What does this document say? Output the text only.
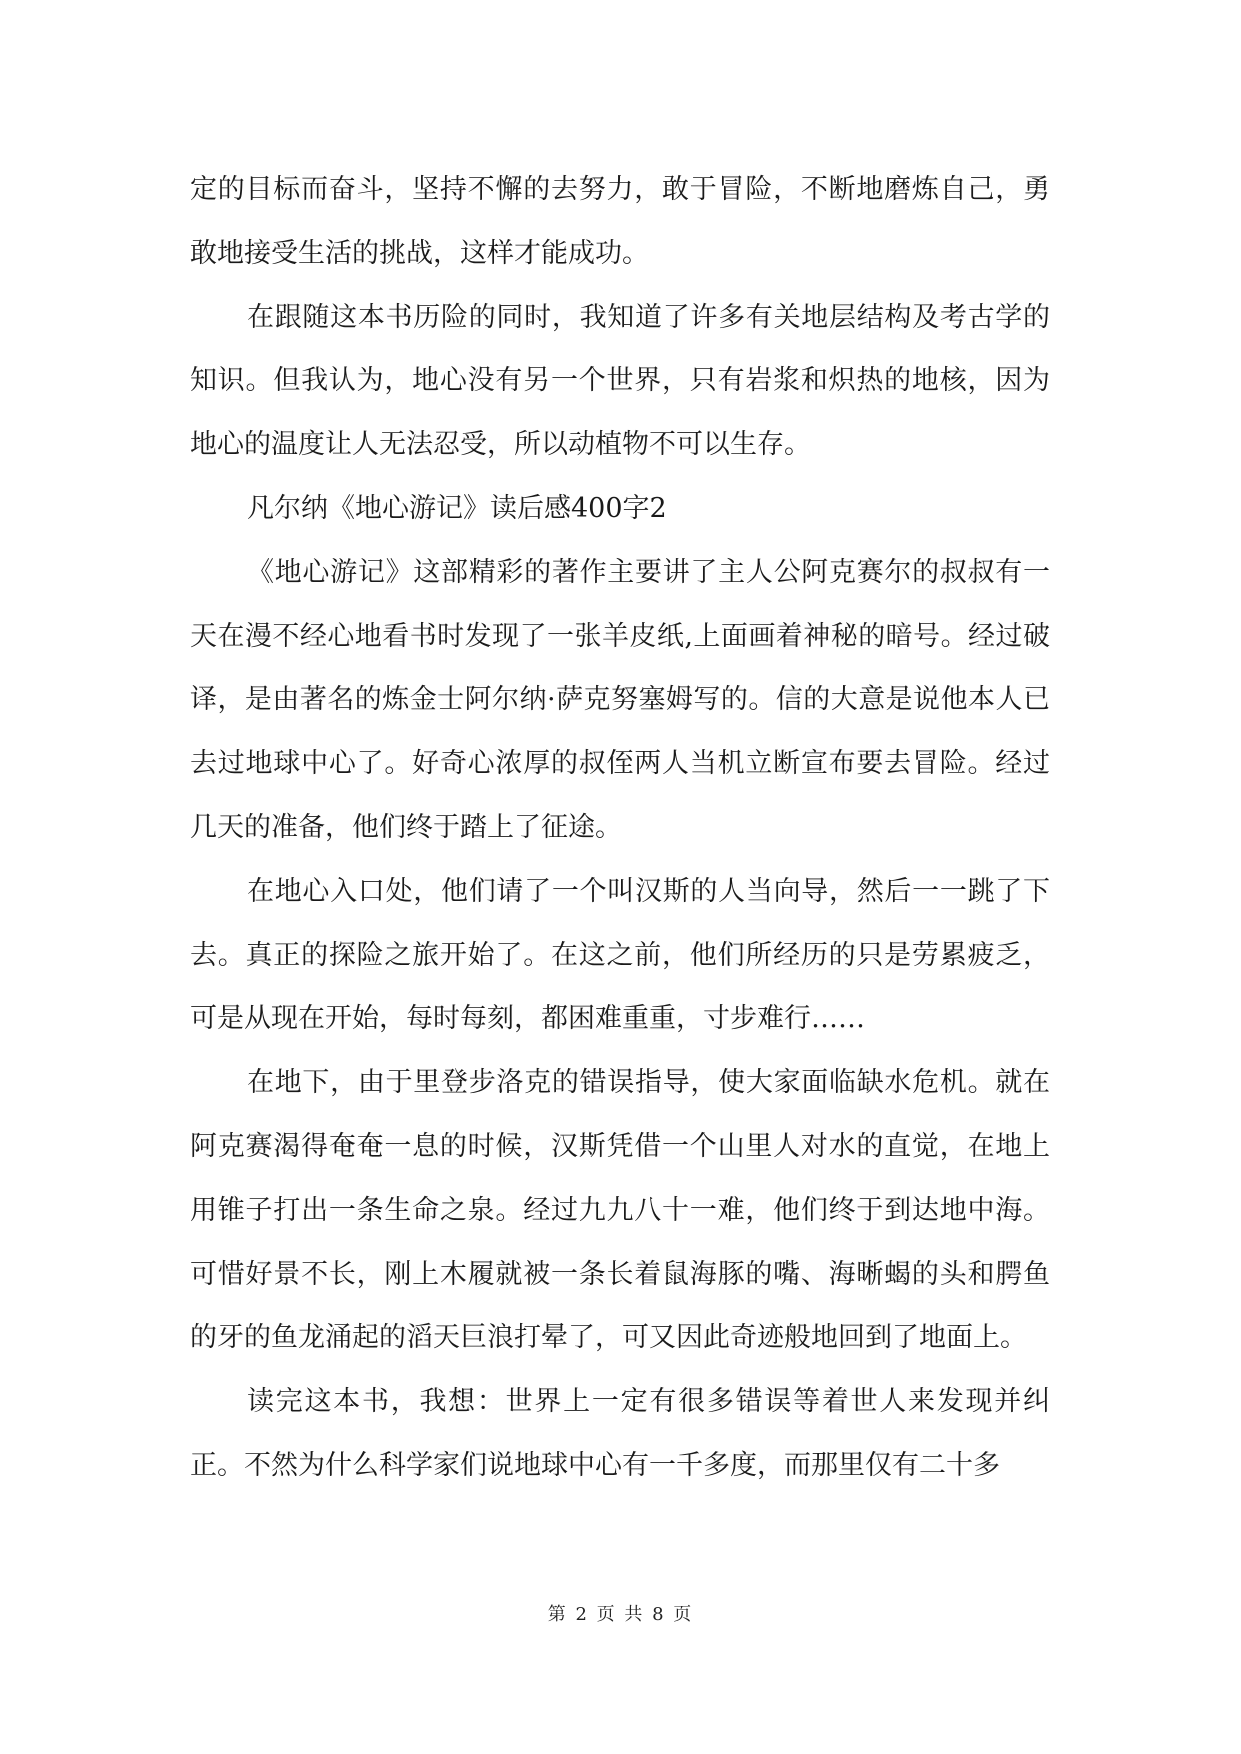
定的目标而奋斗，坚持不懈的去努力，敢于冒险，不断地磨炼自己，勇敢地接受生活的挑战，这样才能成功。

在跟随这本书历险的同时，我知道了许多有关地层结构及考古学的知识。但我认为，地心没有另一个世界，只有岩浆和炽热的地核，因为地心的温度让人无法忍受，所以动植物不可以生存。

凡尔纳《地心游记》读后感400字2

《地心游记》这部精彩的著作主要讲了主人公阿克赛尔的叔叔有一天在漫不经心地看书时发现了一张羊皮纸,上面画着神秘的暗号。经过破译，是由著名的炼金士阿尔纳·萨克努塞姆写的。信的大意是说他本人已去过地球中心了。好奇心浓厚的叔侄两人当机立断宣布要去冒险。经过几天的准备，他们终于踏上了征途。

在地心入口处，他们请了一个叫汉斯的人当向导，然后一一跳了下去。真正的探险之旅开始了。在这之前，他们所经历的只是劳累疲乏，可是从现在开始，每时每刻，都困难重重，寸步难行……

在地下，由于里登步洛克的错误指导，使大家面临缺水危机。就在阿克赛渴得奄奄一息的时候，汉斯凭借一个山里人对水的直觉，在地上用锥子打出一条生命之泉。经过九九八十一难，他们终于到达地中海。可惜好景不长，刚上木履就被一条长着鼠海豚的嘴、海晰蝎的头和腭鱼的牙的鱼龙涌起的滔天巨浪打晕了，可又因此奇迹般地回到了地面上。

读完这本书，我想：世界上一定有很多错误等着世人来发现并纠正。不然为什么科学家们说地球中心有一千多度，而那里仅有二十多

第 2 页 共 8 页
